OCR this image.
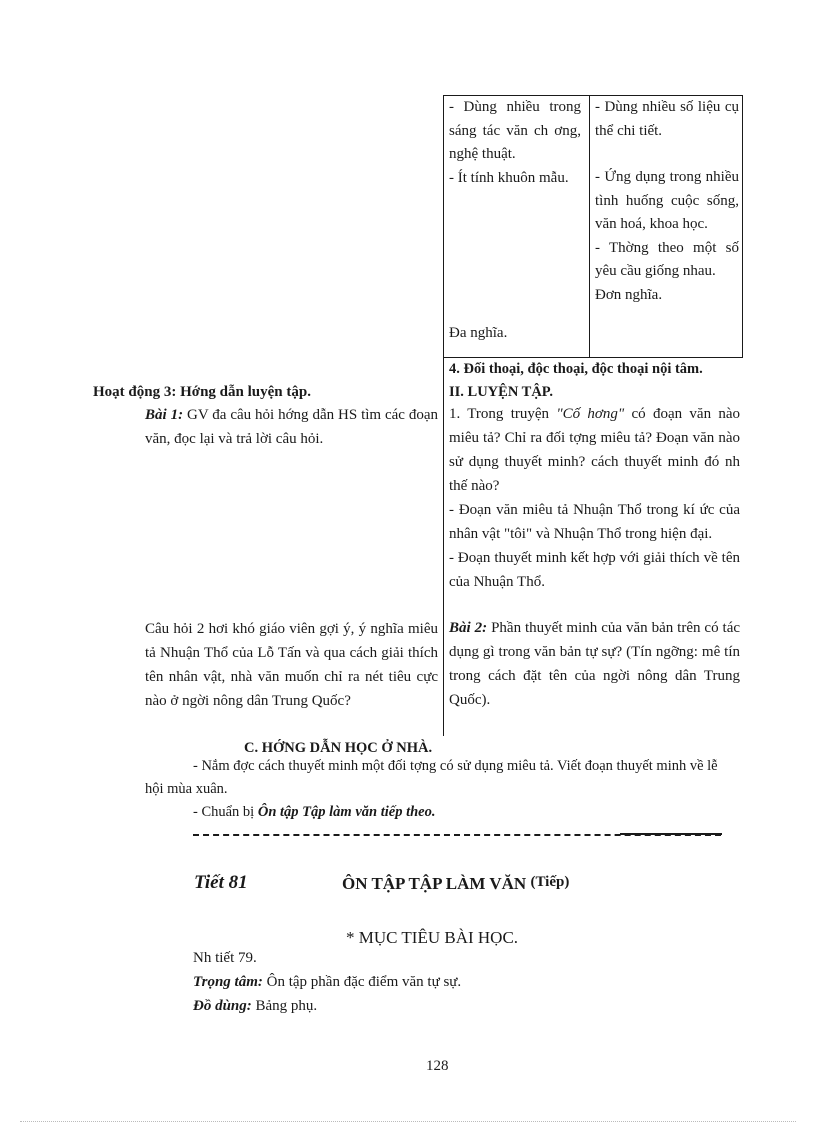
- Dùng nhiều trong sáng tác văn ch ơng, nghệ thuật.

- Ít tính khuôn mẫu.

Đa nghĩa.

- Dùng nhiều số liệu cụ thể chi tiết.

- Ứng dụng trong nhiều tình huống cuộc sống, văn hoá, khoa học.

- Thờng theo một số yêu cầu giống nhau.

Đơn nghĩa.

4. Đối thoại, độc thoại, độc thoại nội tâm.
II. LUYỆN TẬP.

1. Trong truyện "Cố hơng" có đoạn văn nào miêu tả? Chỉ ra đối tợng miêu tả? Đoạn văn nào sử dụng thuyết minh? cách thuyết minh đó nh thế nào?

- Đoạn văn miêu tả Nhuận Thổ trong kí ức của nhân vật "tôi" và Nhuận Thổ trong hiện đại.

- Đoạn thuyết minh kết hợp với giải thích về tên của Nhuận Thổ.

Bài 2: Phần thuyết minh của văn bản trên có tác dụng gì trong văn bản tự sự? (Tín ngỡng: mê tín trong cách đặt tên của ngời nông dân Trung Quốc).

Hoạt động 3: Hớng dẫn luyện tập.

Bài 1: GV đa câu hỏi hớng dẫn HS tìm các đoạn văn, đọc lại và trả lời câu hỏi.

Câu hỏi 2 hơi khó giáo viên gợi ý, ý nghĩa miêu tả Nhuận Thổ của Lỗ Tấn và qua cách giải thích tên nhân vật, nhà văn muốn chỉ ra nét tiêu cực nào ở ngời nông dân Trung Quốc?

C. HỚNG DẪN HỌC Ở NHÀ.

- Nắm đợc cách thuyết minh một đối tợng có sử dụng miêu tả. Viết đoạn thuyết minh về lễ hội mùa xuân.

- Chuẩn bị Ôn tập Tập làm văn tiếp theo.

Tiết 81	ÔN TẬP TẬP LÀM VĂN (Tiếp)
* MỤC TIÊU BÀI HỌC.
Nh tiết 79.
Trọng tâm: Ôn tập phần đặc điểm văn tự sự.
Đồ dùng: Bảng phụ.
128
